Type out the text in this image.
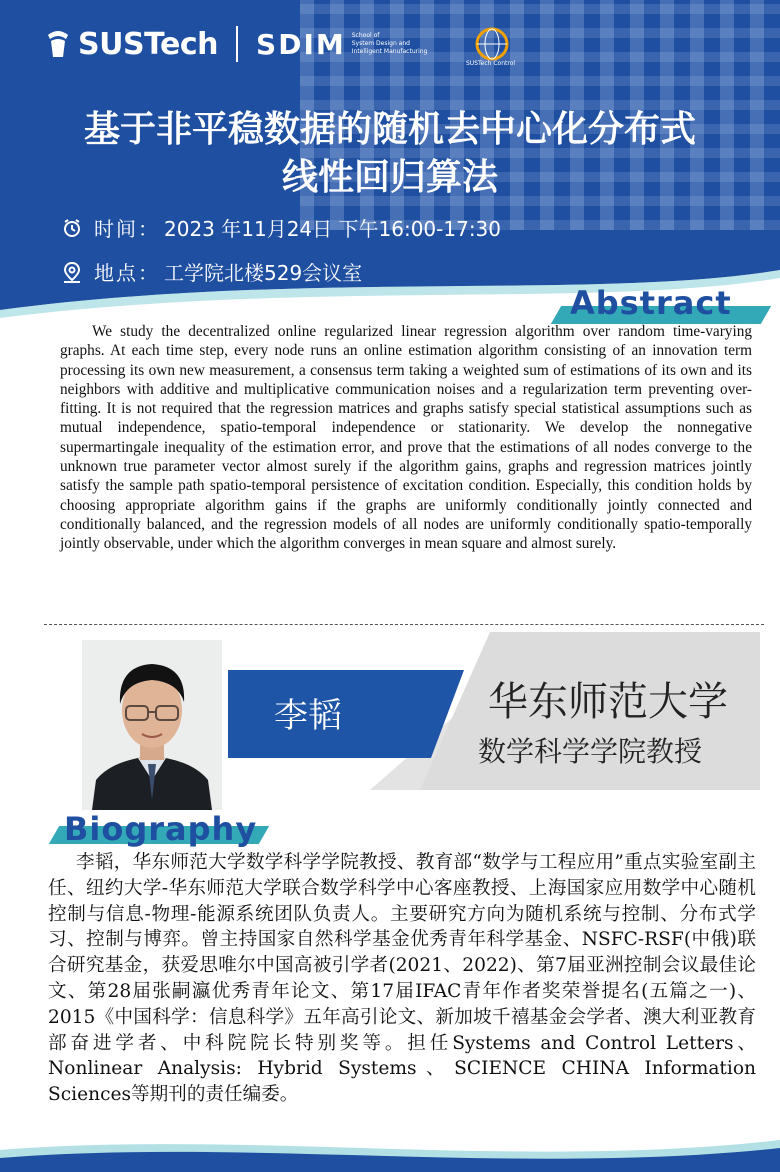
SUSTech SDIM School of
System Design and
Intelligent Manufacturing
SUSTech Control
基于非平稳数据的随机去中心化分布式
线性回归算法
时间： 2023 年11月24日 下午16:00-17:30
地点： 工学院北楼529会议室
Abstract
We study the decentralized online regularized linear regression algorithm over random time-varying graphs. At each time step, every node runs an online estimation algorithm consisting of an innovation term processing its own new measurement, a consensus term taking a weighted sum of estimations of its own and its neighbors with additive and multiplicative communication noises and a regularization term preventing over-fitting. It is not required that the regression matrices and graphs satisfy special statistical assumptions such as mutual independence, spatio-temporal independence or stationarity. We develop the nonnegative supermartingale inequality of the estimation error, and prove that the estimations of all nodes converge to the unknown true parameter vector almost surely if the algorithm gains, graphs and regression matrices jointly satisfy the sample path spatio-temporal persistence of excitation condition. Especially, this condition holds by choosing appropriate algorithm gains if the graphs are uniformly conditionally jointly connected and conditionally balanced, and the regression models of all nodes are uniformly conditionally spatio-temporally jointly observable, under which the algorithm converges in mean square and almost surely.
李韬	华东师范大学
数学科学学院教授
Biography
李韬，华东师范大学数学科学学院教授、教育部“数学与工程应用”重点实验室副主任、纽约大学-华东师范大学联合数学科学中心客座教授、上海国家应用数学中心随机控制与信息-物理-能源系统团队负责人。主要研究方向为随机系统与控制、分布式学习、控制与博弈。曾主持国家自然科学基金优秀青年科学基金、NSFC-RSF(中俄)联合研究基金，获爱思唯尔中国高被引学者(2021、2022)、第7届亚洲控制会议最佳论文、第28届张嗣瀛优秀青年论文、第17届IFAC青年作者奖荣誉提名(五篇之一)、2015《中国科学：信息科学》五年高引论文、新加坡千禧基金会学者、澳大利亚教育部奋进学者、中科院院长特别奖等。担任Systems and Control Letters、Nonlinear Analysis: Hybrid Systems、SCIENCE CHINA Information Sciences等期刊的责任编委。
